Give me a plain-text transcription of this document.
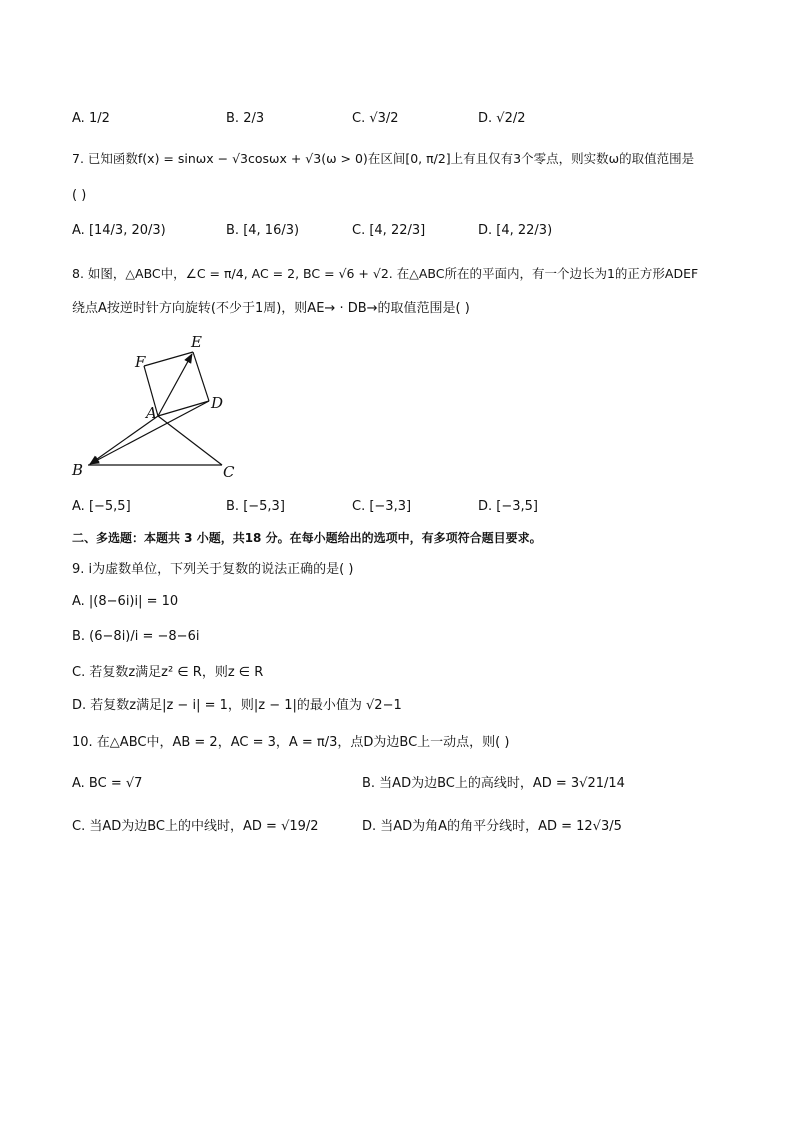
A. 1/2	B. 2/3	C. √3/2	D. √2/2
7. 已知函数f(x) = sinωx − √3cosωx + √3(ω > 0)在区间[0, π/2]上有且仅有3个零点，则实数ω的取值范围是
( )
A. [14/3, 20/3)	B. [4, 16/3)	C. [4, 22/3]	D. [4, 22/3)
8. 如图，△ABC中，∠C = π/4, AC = 2, BC = √6 + √2. 在△ABC所在的平面内，有一个边长为1的正方形ADEF
绕点A按逆时针方向旋转(不少于1周)，则AE→ · DB→的取值范围是( )
A
B	C
D
E
F
A. [−5,5]	B. [−5,3]	C. [−3,3]	D. [−3,5]
二、多选题：本题共 3 小题，共18 分。在每小题给出的选项中，有多项符合题目要求。
9. i为虚数单位，下列关于复数的说法正确的是( )
A. |(8−6i)i| = 10
B. (6−8i)/i = −8−6i
C. 若复数z满足z² ∈ R，则z ∈ R
D. 若复数z满足|z − i| = 1，则|z − 1|的最小值为 √2−1
10. 在△ABC中，AB = 2，AC = 3，A = π/3，点D为边BC上一动点，则( )
A. BC = √7	B. 当AD为边BC上的高线时，AD = 3√21/14
C. 当AD为边BC上的中线时，AD = √19/2	D. 当AD为角A的角平分线时，AD = 12√3/5
